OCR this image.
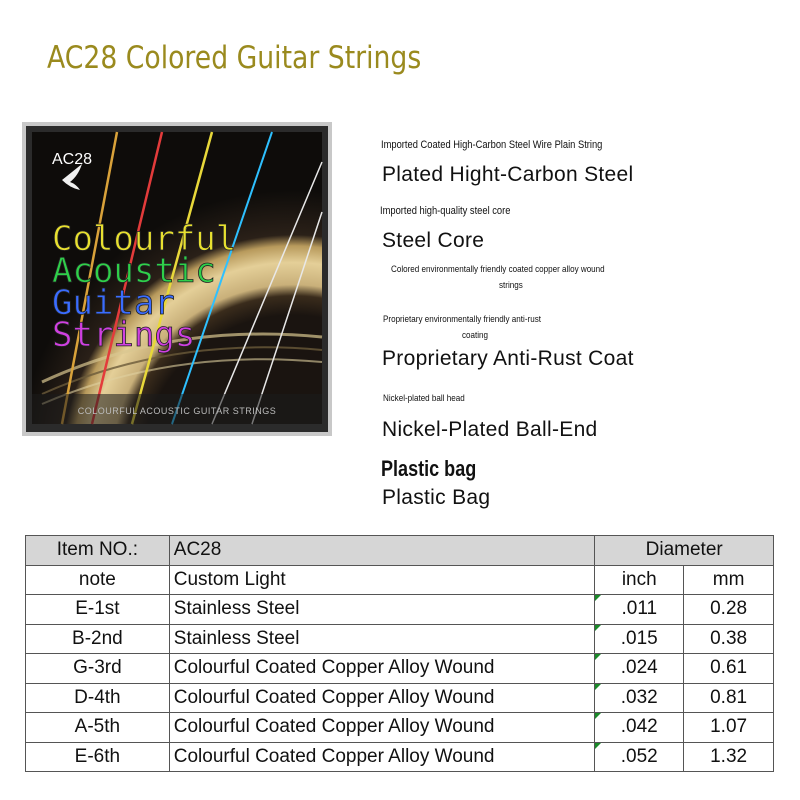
AC28 Colored Guitar Strings
AC28
Colourful
Acoustic
Guitar
Strings
COLOURFUL ACOUSTIC GUITAR STRINGS
Imported Coated High-Carbon Steel Wire Plain String
Plated Hight-Carbon Steel
Imported high-quality steel core
Steel Core
Colored environmentally friendly coated copper alloy wound
strings
Proprietary environmentally friendly anti-rust
coating
Proprietary Anti-Rust Coat
Nickel-plated ball head
Nickel-Plated Ball-End
Plastic bag
Plastic Bag
Item NO.:	AC28	Diameter	
note	Custom Light	inch	mm
E-1st	Stainless Steel	.011	0.28
B-2nd	Stainless Steel	.015	0.38
G-3rd	Colourful Coated Copper Alloy Wound	.024	0.61
D-4th	Colourful Coated Copper Alloy Wound	.032	0.81
A-5th	Colourful Coated Copper Alloy Wound	.042	1.07
E-6th	Colourful Coated Copper Alloy Wound	.052	1.32
